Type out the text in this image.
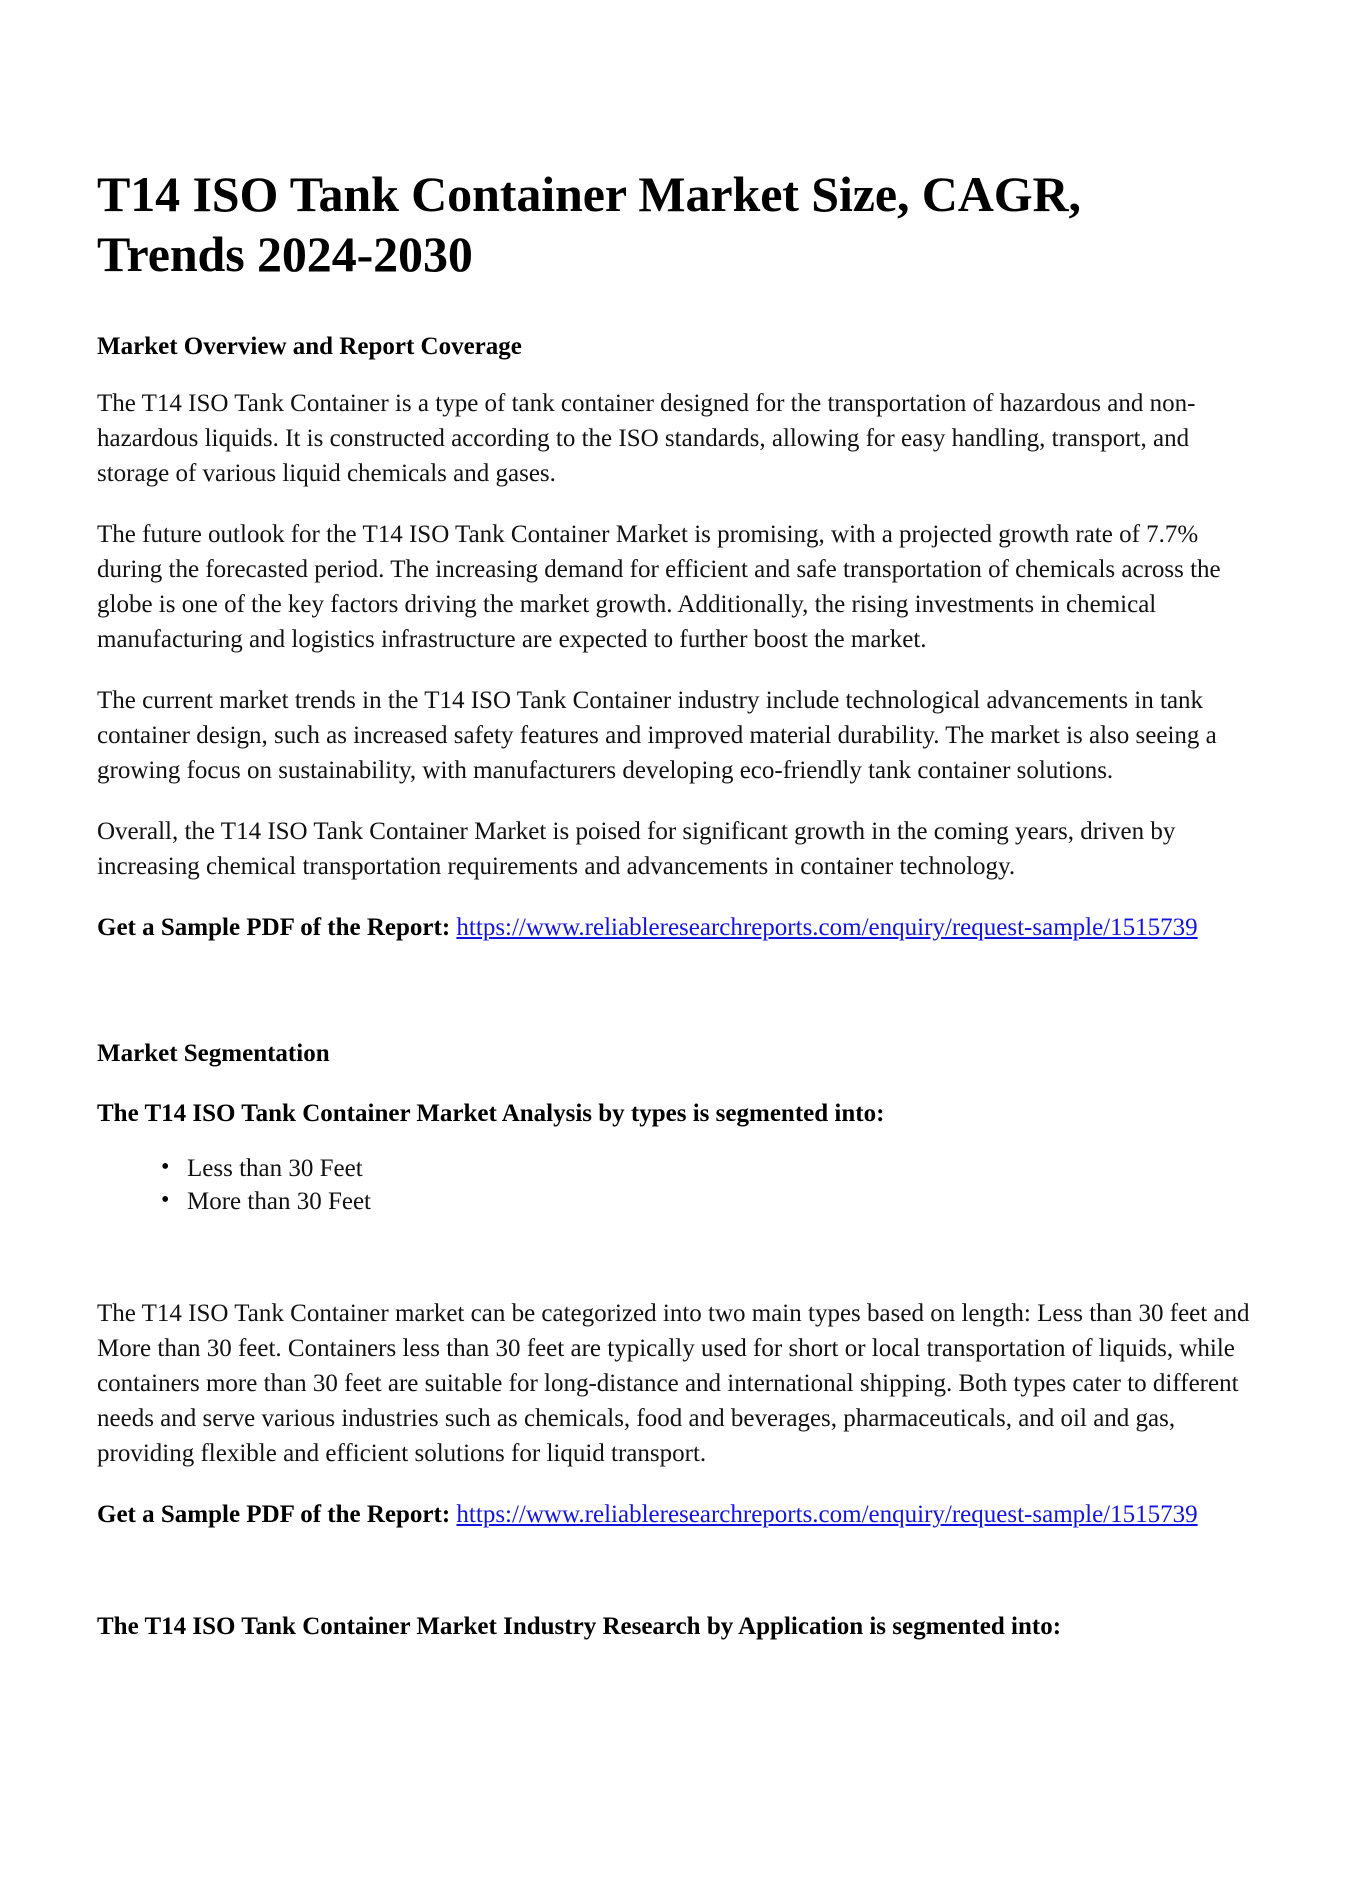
T14 ISO Tank Container Market Size, CAGR, Trends 2024-2030

Market Overview and Report Coverage

The T14 ISO Tank Container is a type of tank container designed for the transportation of hazardous and non-hazardous liquids. It is constructed according to the ISO standards, allowing for easy handling, transport, and storage of various liquid chemicals and gases.

The future outlook for the T14 ISO Tank Container Market is promising, with a projected growth rate of 7.7% during the forecasted period. The increasing demand for efficient and safe transportation of chemicals across the globe is one of the key factors driving the market growth. Additionally, the rising investments in chemical manufacturing and logistics infrastructure are expected to further boost the market.

The current market trends in the T14 ISO Tank Container industry include technological advancements in tank container design, such as increased safety features and improved material durability. The market is also seeing a growing focus on sustainability, with manufacturers developing eco-friendly tank container solutions.

Overall, the T14 ISO Tank Container Market is poised for significant growth in the coming years, driven by increasing chemical transportation requirements and advancements in container technology.

Get a Sample PDF of the Report: https://www.reliableresearchreports.com/enquiry/request-sample/1515739

Market Segmentation

The T14 ISO Tank Container Market Analysis by types is segmented into:

• Less than 30 Feet
• More than 30 Feet

The T14 ISO Tank Container market can be categorized into two main types based on length: Less than 30 feet and More than 30 feet. Containers less than 30 feet are typically used for short or local transportation of liquids, while containers more than 30 feet are suitable for long-distance and international shipping. Both types cater to different needs and serve various industries such as chemicals, food and beverages, pharmaceuticals, and oil and gas, providing flexible and efficient solutions for liquid transport.

Get a Sample PDF of the Report: https://www.reliableresearchreports.com/enquiry/request-sample/1515739

The T14 ISO Tank Container Market Industry Research by Application is segmented into:
